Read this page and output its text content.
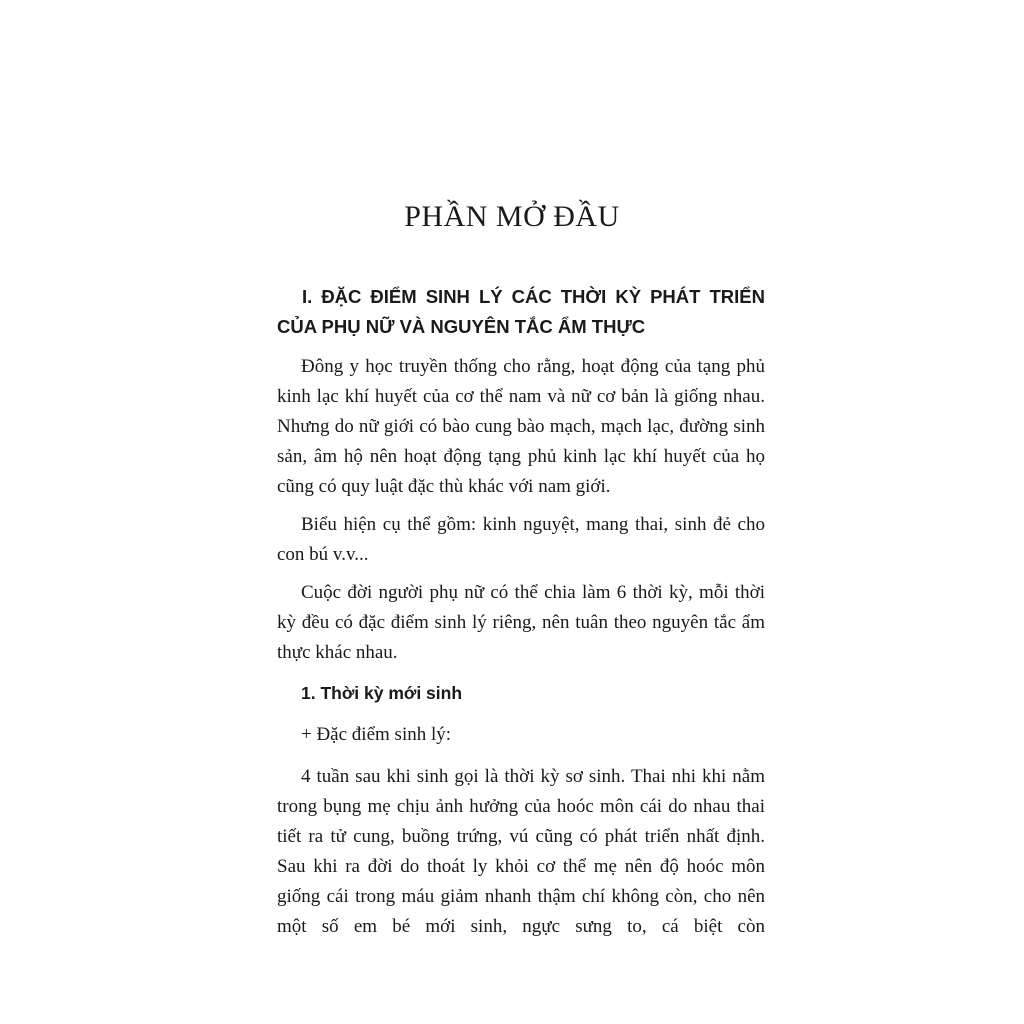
PHẦN MỞ ĐẦU
I. ĐẶC ĐIỂM SINH LÝ CÁC THỜI KỲ PHÁT TRIỂN CỦA PHỤ NỮ VÀ NGUYÊN TẮC ẨM THỰC

Đông y học truyền thống cho rằng, hoạt động của tạng phủ kinh lạc khí huyết của cơ thể nam và nữ cơ bản là giống nhau. Nhưng do nữ giới có bào cung bào mạch, mạch lạc, đường sinh sản, âm hộ nên hoạt động tạng phủ kinh lạc khí huyết của họ cũng có quy luật đặc thù khác với nam giới.

Biểu hiện cụ thể gồm: kinh nguyệt, mang thai, sinh đẻ cho con bú v.v...

Cuộc đời người phụ nữ có thể chia làm 6 thời kỳ, mỗi thời kỳ đều có đặc điểm sinh lý riêng, nên tuân theo nguyên tắc ẩm thực khác nhau.

1. Thời kỳ mới sinh

+ Đặc điểm sinh lý:

4 tuần sau khi sinh gọi là thời kỳ sơ sinh. Thai nhi khi nằm trong bụng mẹ chịu ảnh hưởng của hoóc môn cái do nhau thai tiết ra tử cung, buồng trứng, vú cũng có phát triển nhất định. Sau khi ra đời do thoát ly khỏi cơ thể mẹ nên độ hoóc môn giống cái trong máu giảm nhanh thậm chí không còn, cho nên một số em bé mới sinh, ngực sưng to, cá biệt còn
